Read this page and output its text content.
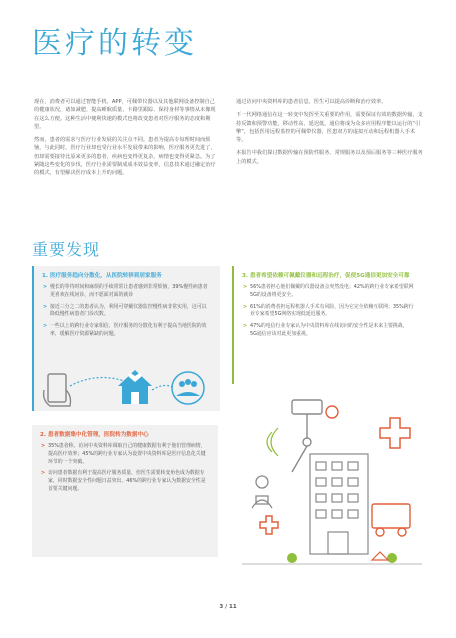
医疗的转变

现在，消费者可以通过智能手机、APP、可佩带仪器以及其他联网设备控制自己的健康状况，诸如减肥、提高睡眠质量、卡路里跟踪、保持身材等事情从未像现在这么方便。这种生活中便利快速的模式也将改变患者对医疗服务的态度和期望。

然而，患者的需求与医疗行业发展的关注点不同。患者为提高专每理时间而烦恼，与此同时，医疗行业却也受行业水平发展带来的影响，医疗服务更先进了，但却需要接待比原来更多的患者，疾病也变得更复杂，病情也变得更紧急。为了紧随这些变化的步伐，医疗行业需要制成成本效益变率，信息技术通过融定治疗的模式，有望解决医疗成本上升的问题。

通过访问中央资料库的患者信息，医生可以提高诊断和治疗效率。

下一代网络通信在这一转变中发挥至关重要的作用，需要保证有效的数据传输，支持反馈和预警功能，移动性高，延迟低。通信将成为众多应用程序能以运行的“引擎”，包括医用远程监控的可佩带仪器，医患双方的虚拟互动和远程机器人手术等。

本报告中我们探讨数据传输在预防性服务、常规服务以及预后服务等三种医疗服务上的模式。

重要发现
1. 医疗服务趋向分散化，从医院转移到居家服务
> 慢长的等待时间和麻烦的手续常常让患者感到非常烦恼，39%慢性病患者更喜欢在线问诊，而不愿面对面的就诊
> 接近三分之二的患者认为，利用可穿戴仪器监控慢性病非常实用，这可以降低慢性病患者门诊次数。
> 一些以上的跨行业专家相信，医疗服务的分散化有利于提高当地医院的效率，缓解医疗资源紧缺的问题。
2. 患者数据集中化管理，医院转为数据中心
> 35%患者称，访问中央资料库调取自己的健康数据有利于他们管理病情，提高医疗效率；45%的跨行业专家认为设置中央资料库是医疗信息化关键环节的一个突破。
> 访问患者数据有利于提高医疗服务质量，但医生需要转变角色成为数据专家，同时数据安全性问题日益突出，46%的跨行业专家认为数据安全性是首要关键问题。
3. 患者希望依赖可佩戴仪器和远程治疗，促使5G通信更加安全可靠
> 56%患者担心他们佩戴的仪器设备会突然没电；42%的跨行业专家希望联网5G的设备将更安全。
> 61%的消费者担远程机器人手术有风险，因为它完全依赖互联网；35%跨行业专家希望5G网络实现低延迟服务。
> 47%的电信行业专家认为中央资料库在线访问的安全性是未来主要挑战，5G通信应该对此更加重视。
3 / 11
